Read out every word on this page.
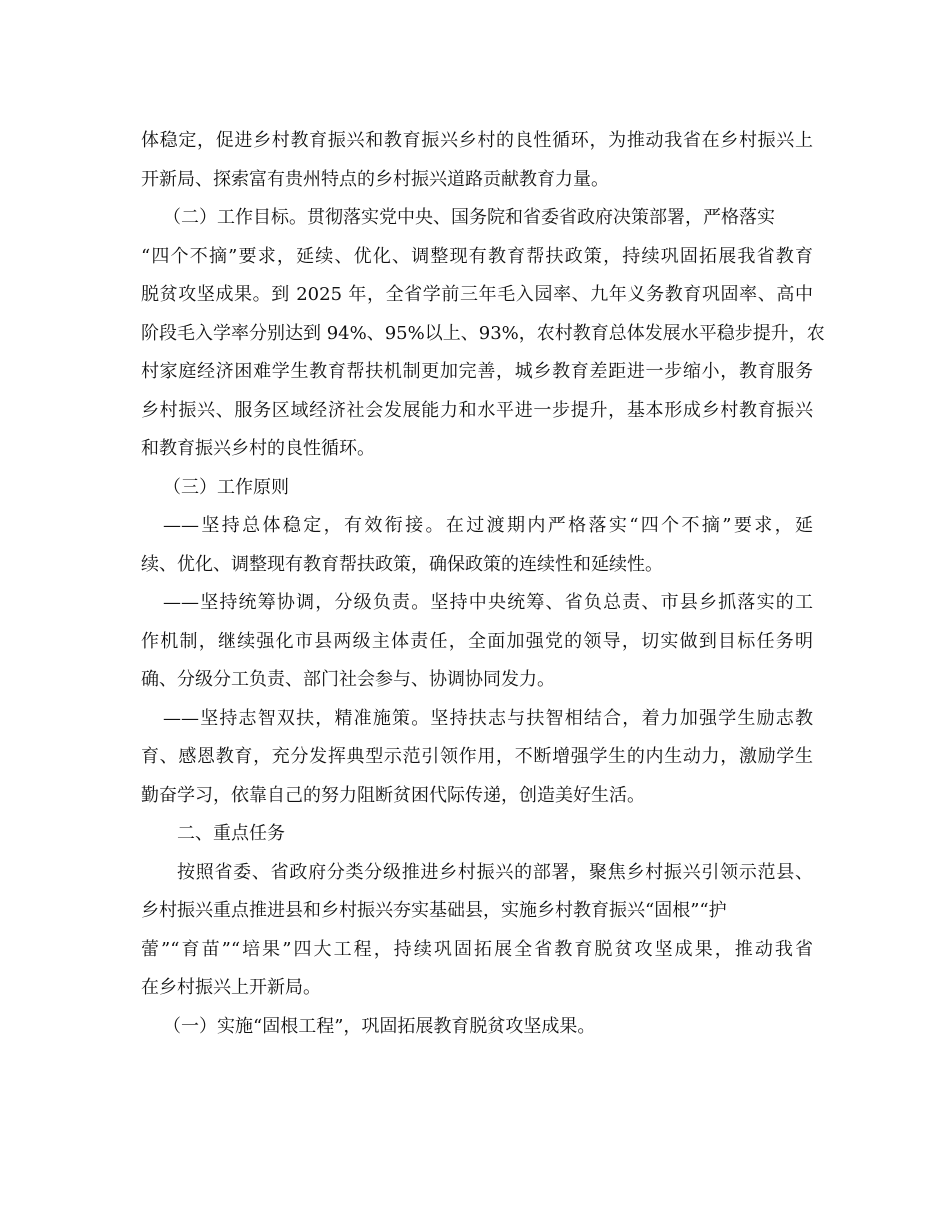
体稳定，促进乡村教育振兴和教育振兴乡村的良性循环，为推动我省在乡村振兴上
开新局、探索富有贵州特点的乡村振兴道路贡献教育力量。
（二）工作目标。贯彻落实党中央、国务院和省委省政府决策部署，严格落实
“四个不摘”要求，延续、优化、调整现有教育帮扶政策，持续巩固拓展我省教育
脱贫攻坚成果。到 2025 年，全省学前三年毛入园率、九年义务教育巩固率、高中
阶段毛入学率分别达到 94%、95%以上、93%，农村教育总体发展水平稳步提升，农
村家庭经济困难学生教育帮扶机制更加完善，城乡教育差距进一步缩小，教育服务
乡村振兴、服务区域经济社会发展能力和水平进一步提升，基本形成乡村教育振兴
和教育振兴乡村的良性循环。
（三）工作原则
——坚持总体稳定，有效衔接。在过渡期内严格落实“四个不摘”要求，延
续、优化、调整现有教育帮扶政策，确保政策的连续性和延续性。
——坚持统筹协调，分级负责。坚持中央统筹、省负总责、市县乡抓落实的工
作机制，继续强化市县两级主体责任，全面加强党的领导，切实做到目标任务明
确、分级分工负责、部门社会参与、协调协同发力。
——坚持志智双扶，精准施策。坚持扶志与扶智相结合，着力加强学生励志教
育、感恩教育，充分发挥典型示范引领作用，不断增强学生的内生动力，激励学生
勤奋学习，依靠自己的努力阻断贫困代际传递，创造美好生活。
二、重点任务
按照省委、省政府分类分级推进乡村振兴的部署，聚焦乡村振兴引领示范县、
乡村振兴重点推进县和乡村振兴夯实基础县，实施乡村教育振兴“固根”“护
蕾”“育苗”“培果”四大工程，持续巩固拓展全省教育脱贫攻坚成果，推动我省
在乡村振兴上开新局。
（一）实施“固根工程”，巩固拓展教育脱贫攻坚成果。
